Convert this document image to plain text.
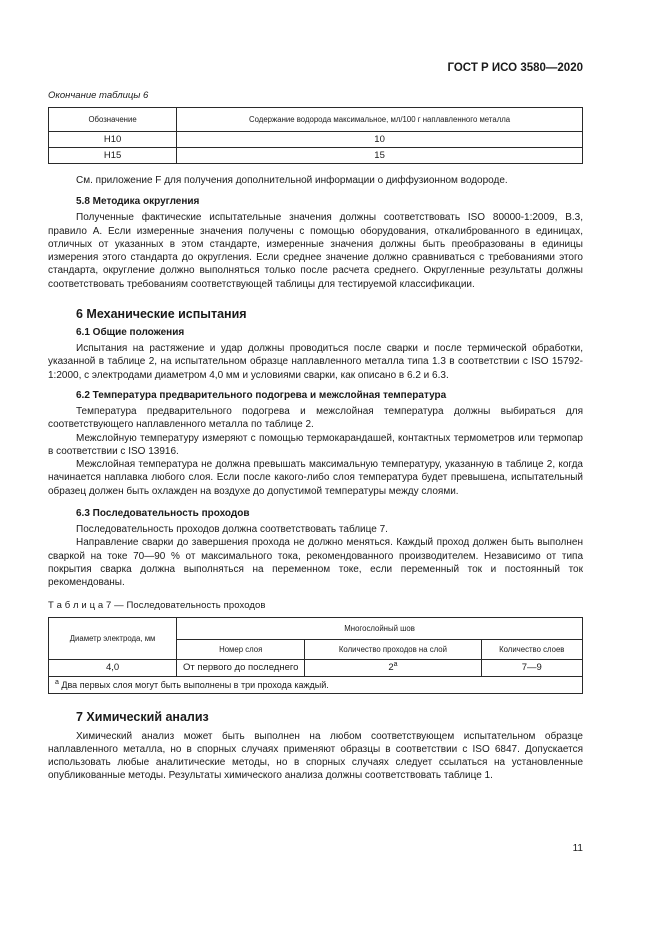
ГОСТ Р ИСО 3580—2020
Окончание таблицы 6
Обозначение	Содержание водорода максимальное, мл/100 г наплавленного металла
H10	10
H15	15

См. приложение F для получения дополнительной информации о диффузионном водороде.

5.8 Методика округления

Полученные фактические испытательные значения должны соответствовать ISO 80000-1:2009, B.3, правило A. Если измеренные значения получены с помощью оборудования, откалиброванного в единицах, отличных от указанных в этом стандарте, измеренные значения должны быть преобразованы в единицы измерения этого стандарта до округления. Если среднее значение должно сравниваться с требованиями этого стандарта, округление должно выполняться только после расчета среднего. Округленные результаты должны соответствовать требованиям соответствующей таблицы для тестируемой классификации.

6 Механические испытания
6.1 Общие положения

Испытания на растяжение и удар должны проводиться после сварки и после термической обработки, указанной в таблице 2, на испытательном образце наплавленного металла типа 1.3 в соответствии с ISO 15792-1:2000, с электродами диаметром 4,0 мм и условиями сварки, как описано в 6.2 и 6.3.

6.2 Температура предварительного подогрева и межслойная температура

Температура предварительного подогрева и межслойная температура должны выбираться для соответствующего наплавленного металла по таблице 2.

Межслойную температуру измеряют с помощью термокарандашей, контактных термометров или термопар в соответствии с ISO 13916.

Межслойная температура не должна превышать максимальную температуру, указанную в таблице 2, когда начинается наплавка любого слоя. Если после какого-либо слоя температура будет превышена, испытательный образец должен быть охлажден на воздухе до допустимой температуры между слоями.

6.3 Последовательность проходов

Последовательность проходов должна соответствовать таблице 7.

Направление сварки до завершения прохода не должно меняться. Каждый проход должен быть выполнен сваркой на токе 70—90 % от максимального тока, рекомендованного производителем. Независимо от типа покрытия сварка должна выполняться на переменном токе, если переменный ток и постоянный ток рекомендованы.

Т а б л и ц а 7 — Последовательность проходов
Диаметр электрода, мм	Многослойный шов		
	Номер слоя	Количество проходов на слой	Количество слоев
4,0	От первого до последнего	2$^a$	7—9
$^a$ Два первых слоя могут быть выполнены в три прохода каждый.			
7 Химический анализ

Химический анализ может быть выполнен на любом соответствующем испытательном образце наплавленного металла, но в спорных случаях применяют образцы в соответствии с ISO 6847. Допускается использовать любые аналитические методы, но в спорных случаях следует ссылаться на установленные опубликованные методы. Результаты химического анализа должны соответствовать таблице 1.

11
